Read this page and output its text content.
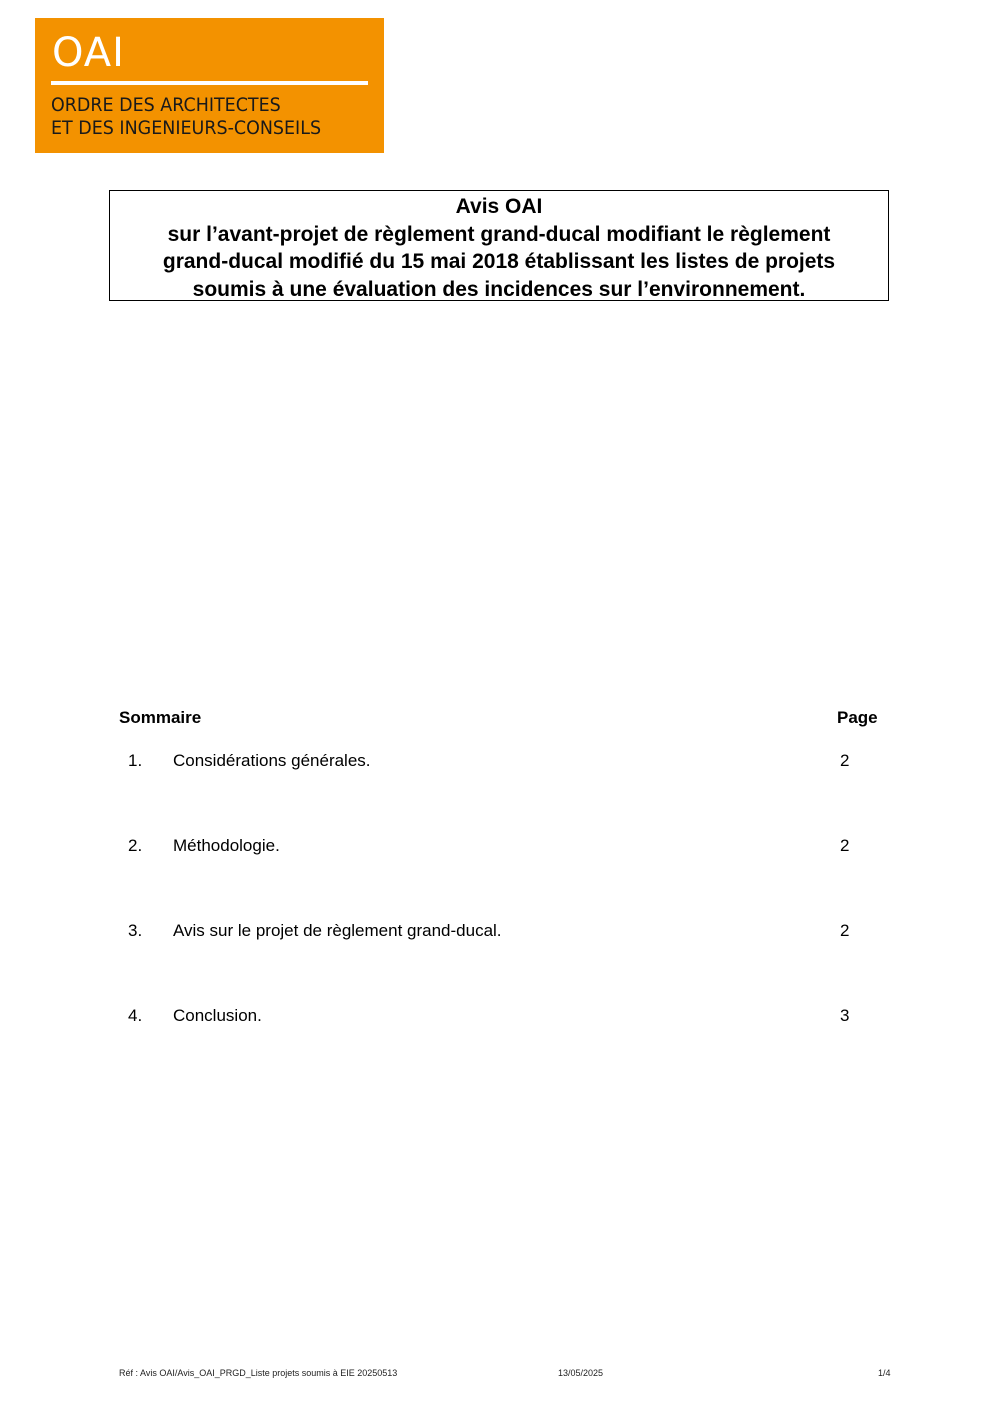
OAI
ORDRE DES ARCHITECTES
ET DES INGENIEURS-CONSEILS
Avis OAI
sur l’avant-projet de règlement grand-ducal modifiant le règlement
grand-ducal modifié du 15 mai 2018 établissant les listes de projets
soumis à une évaluation des incidences sur l’environnement.
Sommaire	Page
1. Considérations générales.	2
2. Méthodologie.	2
3. Avis sur le projet de règlement grand-ducal.	2
4. Conclusion.	3
Réf : Avis OAI/Avis_OAI_PRGD_Liste projets soumis à EIE 20250513	13/05/2025	1/4
